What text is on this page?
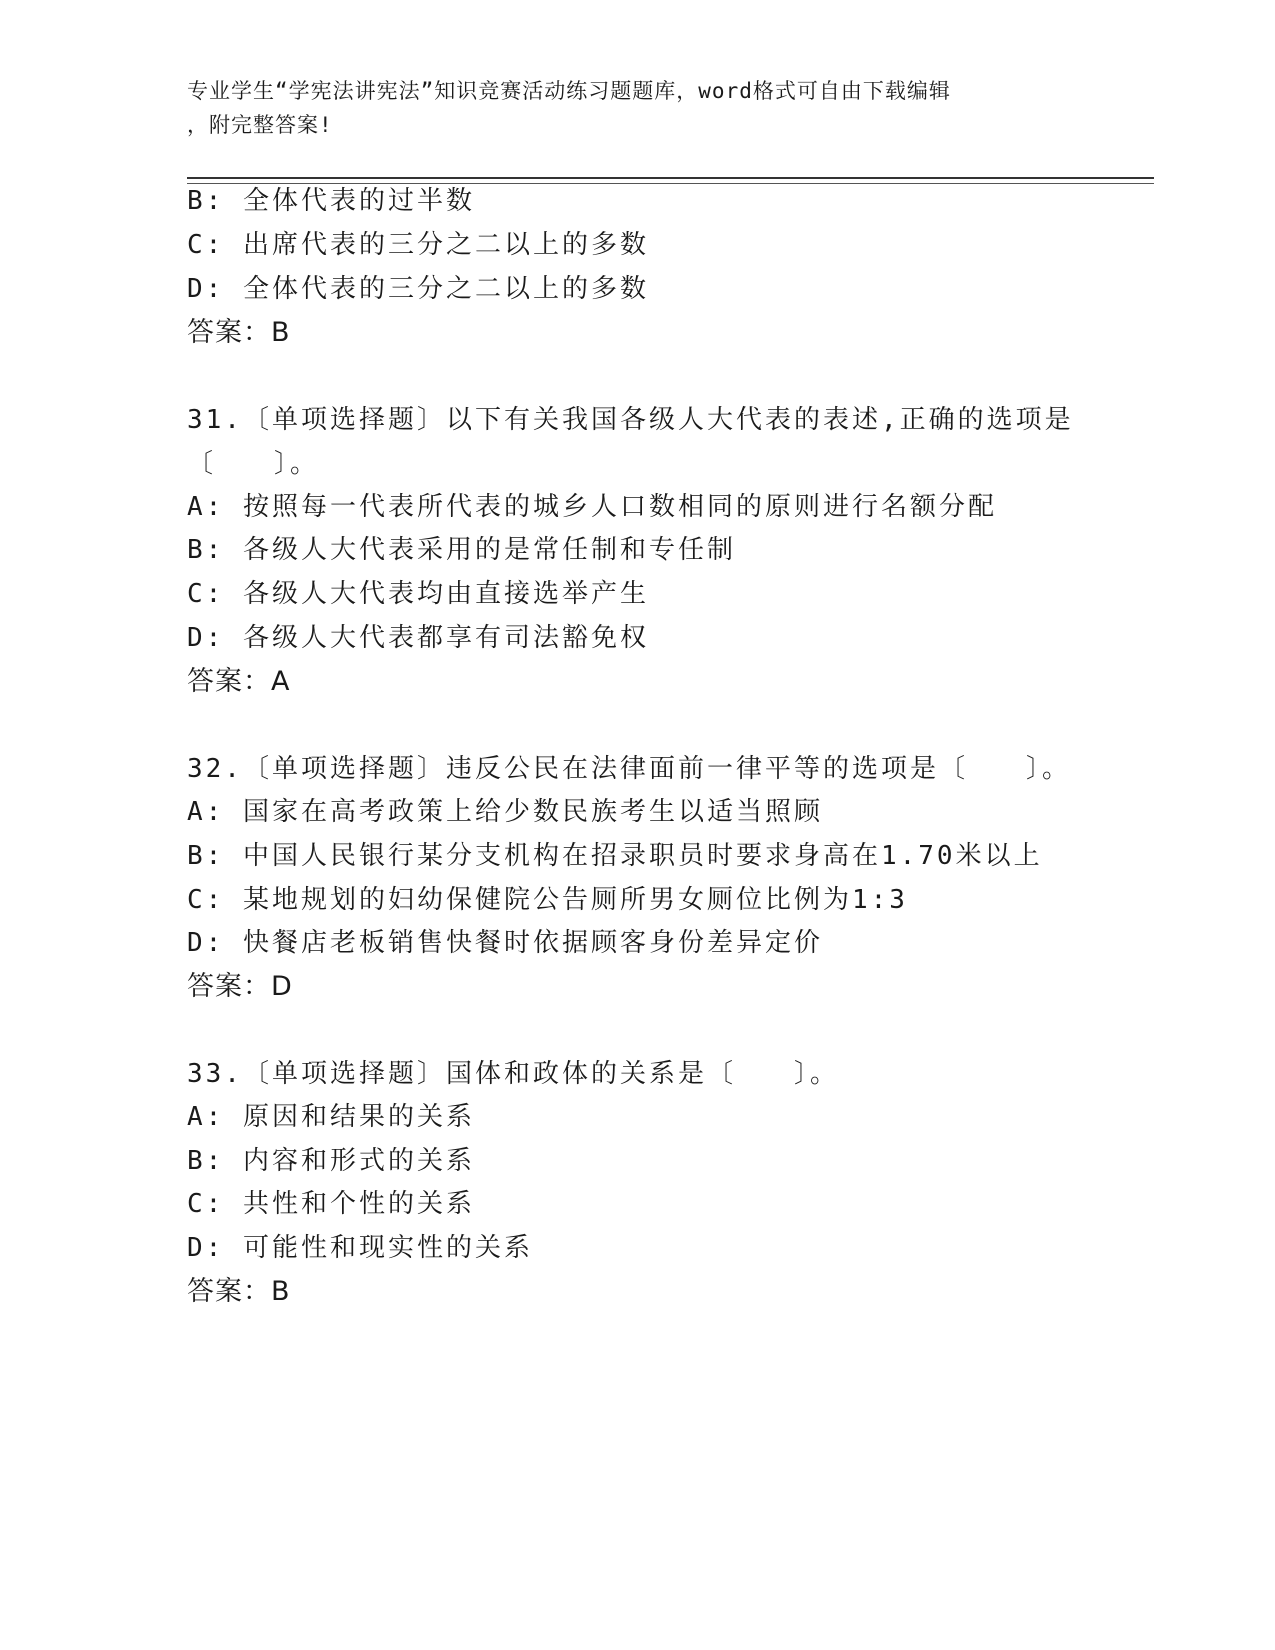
专业学生“学宪法讲宪法”知识竞赛活动练习题题库，word格式可自由下载编辑
，附完整答案!
B: 全体代表的过半数
C: 出席代表的三分之二以上的多数
D: 全体代表的三分之二以上的多数
答案：B
31.〔单项选择题〕以下有关我国各级人大代表的表述,正确的选项是
〔　　〕。
A: 按照每一代表所代表的城乡人口数相同的原则进行名额分配
B: 各级人大代表采用的是常任制和专任制
C: 各级人大代表均由直接选举产生
D: 各级人大代表都享有司法豁免权
答案：A
32.〔单项选择题〕违反公民在法律面前一律平等的选项是〔　　〕。
A: 国家在高考政策上给少数民族考生以适当照顾
B: 中国人民银行某分支机构在招录职员时要求身高在1.70米以上
C: 某地规划的妇幼保健院公告厕所男女厕位比例为1:3
D: 快餐店老板销售快餐时依据顾客身份差异定价
答案：D
33.〔单项选择题〕国体和政体的关系是〔　　〕。
A: 原因和结果的关系
B: 内容和形式的关系
C: 共性和个性的关系
D: 可能性和现实性的关系
答案：B
